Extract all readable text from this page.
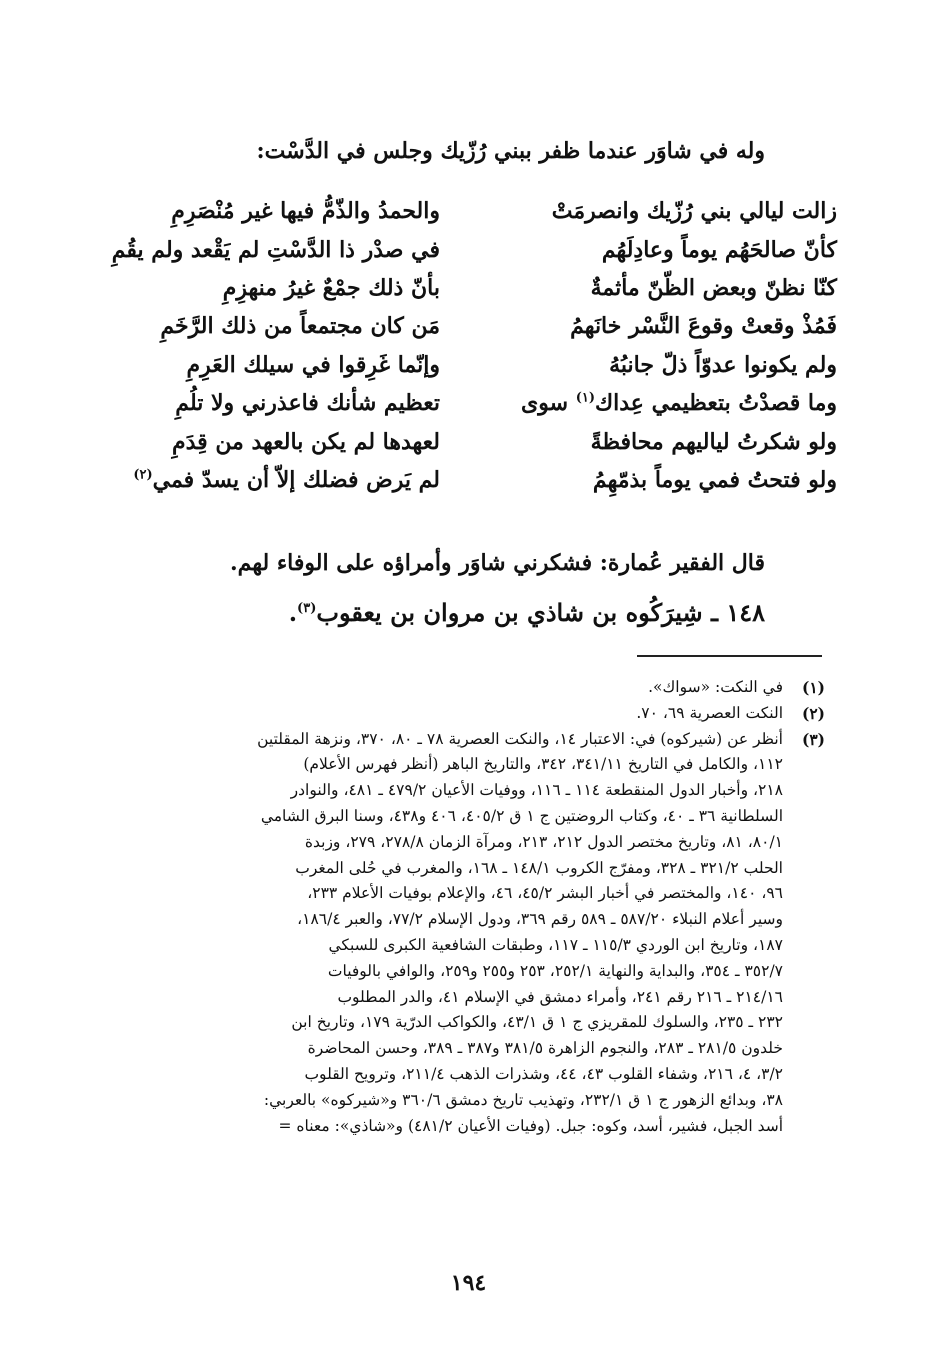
وله في شاوَر عندما ظفر ببني رُزّيك وجلس في الدَّسْت:
زالت ليالي بني رُزّيك وانصرمَتْ
والحمدُ والذّمُّ فيها غير مُنْصَرِمِ
كأنّ صالحَهُم يوماً وعادِلَهُم
في صدْر ذا الدَّسْتِ لم يَقْعد ولم يقُمِ
كنّا نظنّ وبعض الظّنّ مأثمةٌ
بأنّ ذلك جمْعٌ غيرُ منهزِمِ
فَمُذْ وقعتْ وقوعَ النَّسْر خانَهمُ
مَن كان مجتمعاً من ذلك الرَّخَمِ
ولم يكونوا عدوّاً ذلّ جانبُهُ
وإنّما غَرِقوا في سيلك العَرِمِ
وما قصدْتُ بتعظيمي عِداك$^{(١)}$ سوى
تعظيم شأنك فاعذرني ولا تلُمِ
ولو شكرتُ لياليهم محافظةً
لعهدها لم يكن بالعهد من قِدَمِ
ولو فتحتُ فمي يوماً بذمّهِمُ
لم يَرض فضلك إلاّ أن يسدّ فمي$^{(٢)}$
قال الفقير عُمارة: فشكرني شاوَر وأمراؤه على الوفاء لهم.
١٤٨ ـ شِيرَكُوه بن شاذي بن مروان بن يعقوب$^{(٣)}$.
(١)
في النكت: «سواك».
(٢)
النكت العصرية ٦٩، ٧٠.
(٣)
أنظر عن (شيركوه) في: الاعتبار ١٤، والنكت العصرية ٧٨ ـ ٨٠، ٣٧٠، ونزهة المقلتين
١١٢، والكامل في التاريخ ٣٤١/١١، ٣٤٢، والتاريخ الباهر (أنظر فهرس الأعلام)
٢١٨، وأخبار الدول المنقطعة ١١٤ ـ ١١٦، ووفيات الأعيان ٤٧٩/٢ ـ ٤٨١، والنوادر
السلطانية ٣٦ ـ ٤٠، وكتاب الروضتين ج ١ ق ٤٠٥/٢، ٤٠٦ و٤٣٨، وسنا البرق الشامي
٨٠/١، ٨١، وتاريخ مختصر الدول ٢١٢، ٢١٣، ومرآة الزمان ٢٧٨/٨، ٢٧٩، وزبدة
الحلب ٣٢١/٢ ـ ٣٢٨، ومفرّج الكروب ١٤٨/١ ـ ١٦٨، والمغرب في حُلى المغرب
٩٦، ١٤٠، والمختصر في أخبار البشر ٤٥/٢، ٤٦، والإعلام بوفيات الأعلام ٢٣٣،
وسير أعلام النبلاء ٥٨٧/٢٠ ـ ٥٨٩ رقم ٣٦٩، ودول الإسلام ٧٧/٢، والعبر ١٨٦/٤،
١٨٧، وتاريخ ابن الوردي ١١٥/٣ ـ ١١٧، وطبقات الشافعية الكبرى للسبكي
٣٥٢/٧ ـ ٣٥٤، والبداية والنهاية ٢٥٢/١، ٢٥٣ و٢٥٥ و٢٥٩، والوافي بالوفيات
٢١٤/١٦ ـ ٢١٦ رقم ٢٤١، وأمراء دمشق في الإسلام ٤١، والدر المطلوب
٢٣٢ ـ ٢٣٥، والسلوك للمقريزي ج ١ ق ٤٣/١، والكواكب الدرّية ١٧٩، وتاريخ ابن
خلدون ٢٨١/٥ ـ ٢٨٣، والنجوم الزاهرة ٣٨١/٥ و٣٨٧ ـ ٣٨٩، وحسن المحاضرة
٣/٢، ٤، ٢١٦، وشفاء القلوب ٤٣، ٤٤، وشذرات الذهب ٢١١/٤، وترويح القلوب
٣٨، وبدائع الزهور ج ١ ق ٢٣٢/١، وتهذيب تاريخ دمشق ٣٦٠/٦ و«شيركوه» بالعربي:
أسد الجبل، فشير، أسد، وكوه: جبل. (وفيات الأعيان ٤٨١/٢) و«شاذي»: معناه =
١٩٤
